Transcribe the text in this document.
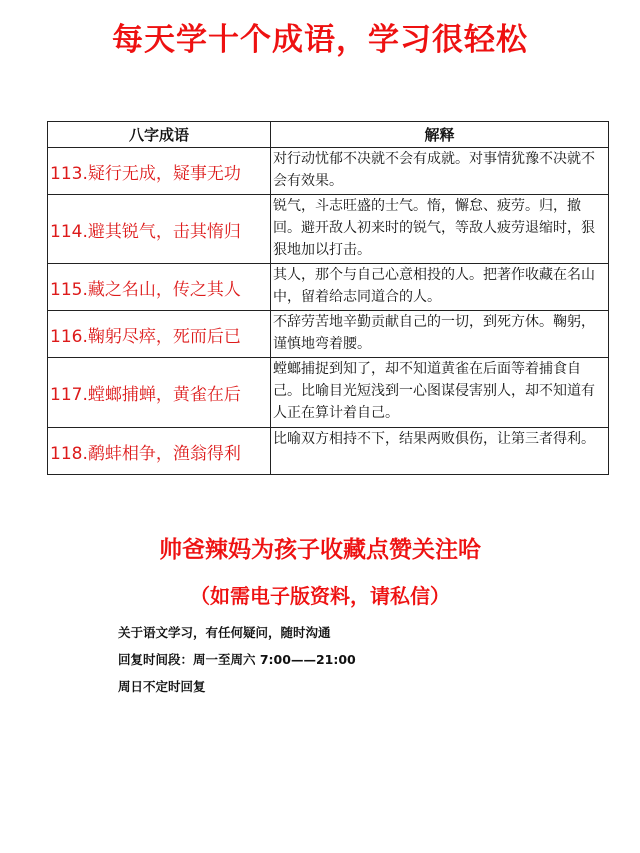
每天学十个成语，学习很轻松
八字成语	解释
113.疑行无成，疑事无功	对行动忧郁不决就不会有成就。对事情犹豫不决就不会有效果。
114.避其锐气，击其惰归	锐气，斗志旺盛的士气。惰，懈怠、疲劳。归，撤回。避开敌人初来时的锐气，等敌人疲劳退缩时，狠狠地加以打击。
115.藏之名山，传之其人	其人，那个与自己心意相投的人。把著作收藏在名山中，留着给志同道合的人。
116.鞠躬尽瘁，死而后已	不辞劳苦地辛勤贡献自己的一切，到死方休。鞠躬，谨慎地弯着腰。
117.螳螂捕蝉，黄雀在后	螳螂捕捉到知了，却不知道黄雀在后面等着捕食自己。比喻目光短浅到一心图谋侵害别人，却不知道有人正在算计着自己。
118.鹬蚌相争，渔翁得利	比喻双方相持不下，结果两败俱伤，让第三者得利。
帅爸辣妈为孩子收藏点赞关注哈
（如需电子版资料，请私信）
关于语文学习，有任何疑问，随时沟通
回复时间段：周一至周六 7:00——21:00
周日不定时回复
